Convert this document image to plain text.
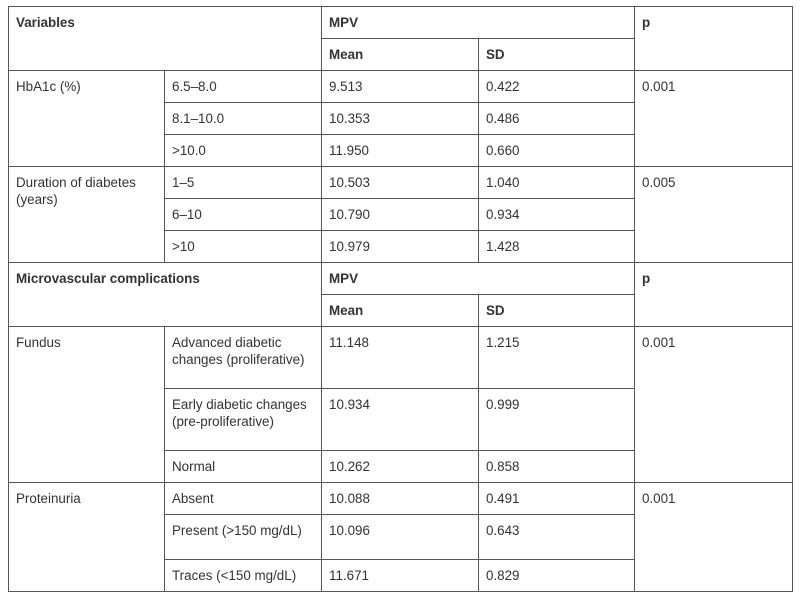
Variables		MPV		p
		Mean	SD	
HbA1c (%)	6.5–8.0	9.513	0.422	0.001
	8.1–10.0	10.353	0.486	
	>10.0	11.950	0.660	
Duration of diabetes (years)	1–5	10.503	1.040	0.005
	6–10	10.790	0.934	
	>10	10.979	1.428	
Microvascular complications		MPV		p
		Mean	SD	
Fundus	Advanced diabetic changes (proliferative)	11.148	1.215	0.001
	Early diabetic changes (pre-proliferative)	10.934	0.999	
	Normal	10.262	0.858	
Proteinuria	Absent	10.088	0.491	0.001
	Present (>150 mg/dL)	10.096	0.643	
	Traces (<150 mg/dL)	11.671	0.829	
